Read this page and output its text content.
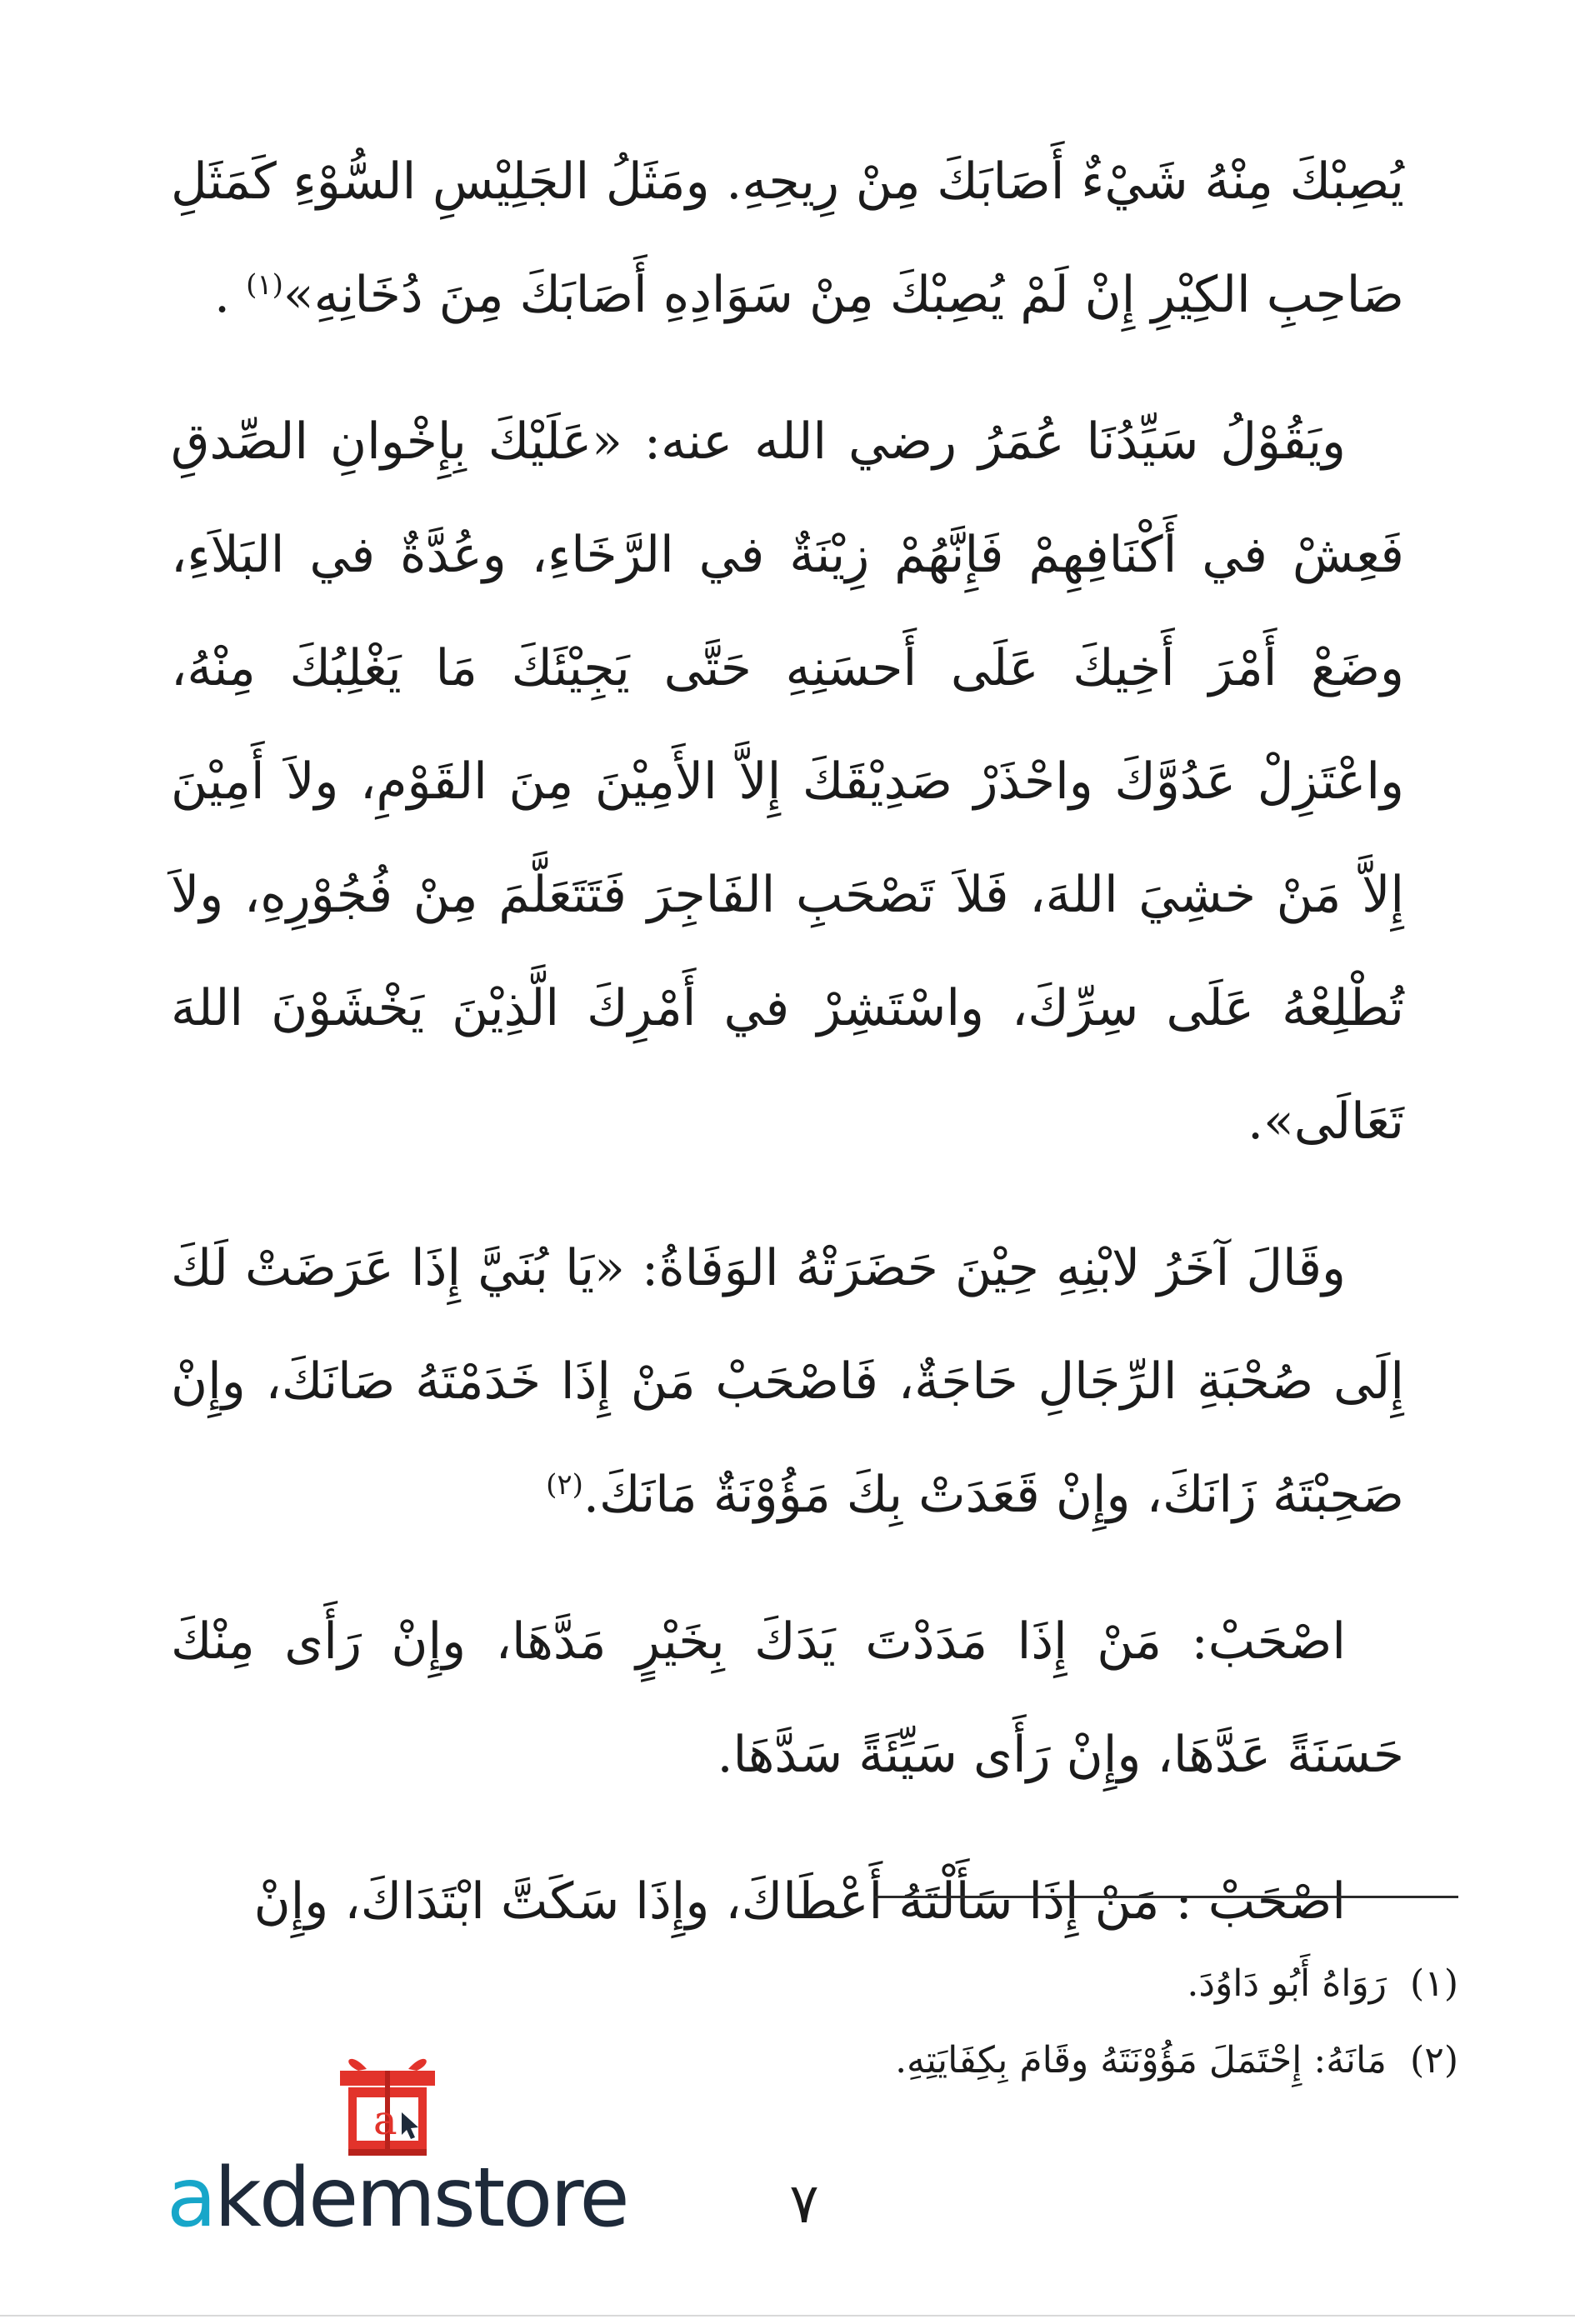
يُصِبْكَ مِنْهُ شَيْءٌ أَصَابَكَ مِنْ رِيحِهِ. ومَثَلُ الجَلِيْسِ السُّوْءِ كَمَثَلِ صَاحِبِ الكِيْرِ إِنْ لَمْ يُصِبْكَ مِنْ سَوَادِهِ أَصَابَكَ مِنَ دُخَانِهِ»$^{(١)}$ .

ويَقُوْلُ سَيِّدُنَا عُمَرُ رضي الله عنه: «عَلَيْكَ بِإِخْوانِ الصِّدقِ فَعِشْ في أَكْنَافِهِمْ فَإِنَّهُمْ زِيْنَةٌ في الرَّخَاءِ، وعُدَّةٌ في البَلاَءِ، وضَعْ أَمْرَ أَخِيكَ عَلَى أَحسَنِهِ حَتَّى يَجِيْئَكَ مَا يَغْلِبُكَ مِنْهُ، واعْتَزِلْ عَدُوَّكَ واحْذَرْ صَدِيْقَكَ إِلاَّ الأَمِيْنَ مِنَ القَوْمِ، ولاَ أَمِيْنَ إِلاَّ مَنْ خشِيَ اللهَ، فَلاَ تَصْحَبِ الفَاجِرَ فَتَتَعَلَّمَ مِنْ فُجُوْرِهِ، ولاَ تُطْلِعْهُ عَلَى سِرِّكَ، واسْتَشِرْ في أَمْرِكَ الَّذِيْنَ يَخْشَوْنَ اللهَ تَعَالَى».

وقَالَ آخَرُ لابْنِهِ حِيْنَ حَضَرَتْهُ الوَفَاةُ: «يَا بُنَيَّ إِذَا عَرَضَتْ لَكَ إِلَى صُحْبَةِ الرِّجَالِ حَاجَةٌ، فَاصْحَبْ مَنْ إِذَا خَدَمْتَهُ صَانَكَ، وإِنْ صَحِبْتَهُ زَانَكَ، وإِنْ قَعَدَتْ بِكَ مَؤُوْنَةٌ مَانَكَ.$^{(٢)}$

اصْحَبْ: مَنْ إِذَا مَدَدْتَ يَدَكَ بِخَيْرٍ مَدَّهَا، وإِنْ رَأَى مِنْكَ حَسَنَةً عَدَّهَا، وإِنْ رَأَى سَيِّئَةً سَدَّهَا.

اصْحَبْ : مَنْ إِذَا سَأَلْتَهُ أَعْطَاكَ، وإِذَا سَكَتَّ ابْتَدَاكَ، وإِنْ

(١)رَوَاهُ أَبُو دَاوُدَ.

(٢)مَانَهُ: إِحْتَمَلَ مَؤُوْنَتَهُ وقَامَ بِكِفَايَتِهِ.

a
akdemstore	٧
